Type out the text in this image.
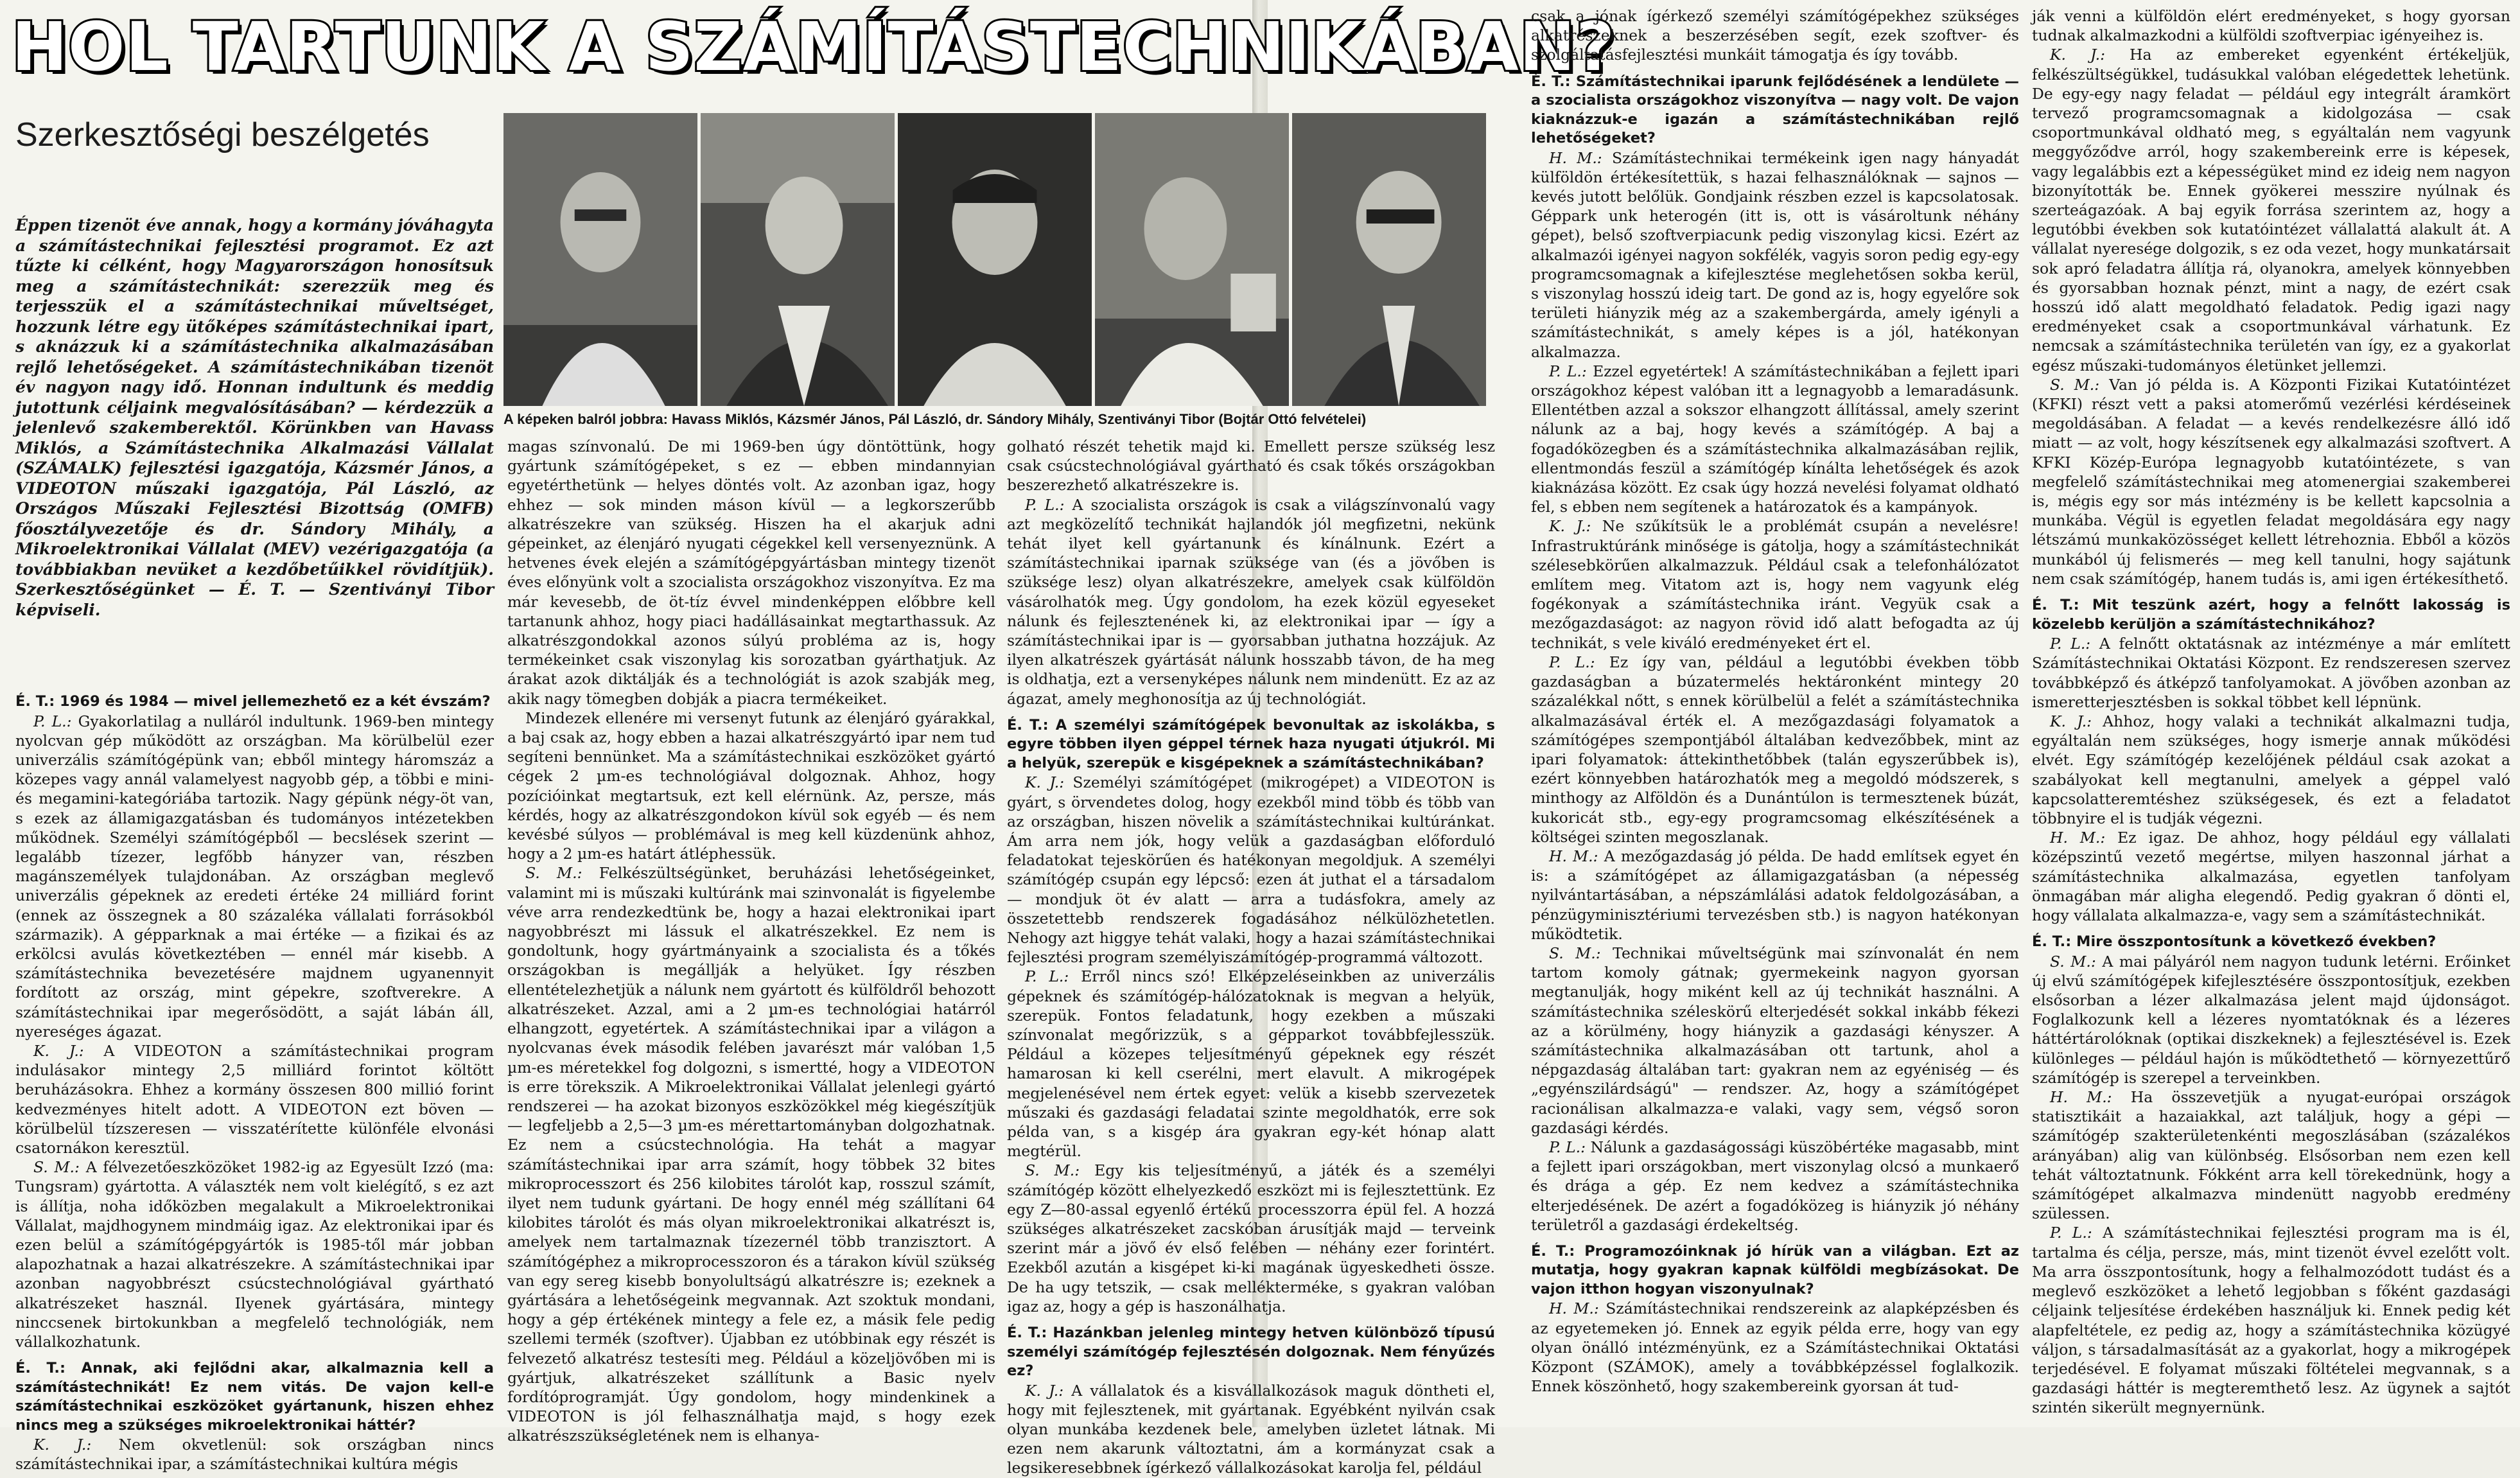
HOL TARTUNK A SZÁMÍTÁSTECHNIKÁBAN?
Szerkesztőségi beszélgetés
Éppen tizenöt éve annak, hogy a kormány jóváhagyta a számítástechnikai fejlesztési programot. Ez azt tűzte ki célként, hogy Magyarországon honosítsuk meg a számítástechnikát: szerezzük meg és terjesszük el a számítástechnikai műveltséget, hozzunk létre egy ütőképes számítástechnikai ipart, s aknázzuk ki a számítástechnika alkalmazásában rejlő lehetőségeket. A számítástechnikában tizenöt év nagyon nagy idő. Honnan indultunk és meddig jutottunk céljaink megvalósításában? — kérdezzük a jelenlevő szakemberektől. Körünkben van Havass Miklós, a Számítástechnika Alkalmazási Vállalat (SZÁMALK) fejlesztési igazgatója, Kázsmér János, a VIDEOTON műszaki igazgatója, Pál László, az Országos Műszaki Fejlesztési Bizottság (OMFB) főosztályvezetője és dr. Sándory Mihály, a Mikroelektronikai Vállalat (MEV) vezérigazgatója (a továbbiakban nevüket a kezdőbetűikkel rövidítjük). Szerkesztőségünket — É. T. — Szentiványi Tibor képviseli.
A képeken balról jobbra: Havass Miklós, Kázsmér János, Pál László, dr. Sándory Mihály, Szentiványi Tibor (Bojtár Ottó felvételei)

É. T.: 1969 és 1984 — mivel jellemezhető ez a két évszám?

P. L.: Gyakorlatilag a nulláról indultunk. 1969-ben mintegy nyolcvan gép működött az országban. Ma körülbelül ezer univerzális számítógépünk van; ebből mintegy háromszáz a közepes vagy annál valamelyest nagyobb gép, a többi e mini- és megamini-kategóriába tartozik. Nagy gépünk négy-öt van, s ezek az államigazgatásban és tudományos intézetekben működnek. Személyi számítógépből — becslések szerint — legalább tízezer, legfőbb hányzer van, részben magánszemélyek tulajdonában. Az országban meglevő univerzális gépeknek az eredeti értéke 24 milliárd forint (ennek az összegnek a 80 százaléka vállalati forrásokból származik). A gépparknak a mai értéke — a fizikai és az erkölcsi avulás következtében — ennél már kisebb. A számítástechnika bevezetésére majdnem ugyanennyit fordított az ország, mint gépekre, szoftverekre. A számítástechnikai ipar megerősödött, a saját lábán áll, nyereséges ágazat.

K. J.: A VIDEOTON a számítástechnikai program indulásakor mintegy 2,5 milliárd forintot költött beruházásokra. Ehhez a kormány összesen 800 millió forint kedvezményes hitelt adott. A VIDEOTON ezt böven — körülbelül tízszeresen — visszatérítette különféle elvonási csatornákon keresztül.

S. M.: A félvezetőeszközöket 1982-ig az Egyesült Izzó (ma: Tungsram) gyártotta. A választék nem volt kielégítő, s ez azt is állítja, noha időközben megalakult a Mikroelektronikai Vállalat, majdhogynem mindmáig igaz. Az elektronikai ipar és ezen belül a számítógépgyártók is 1985-től már jobban alapozhatnak a hazai alkatrészekre. A számítástechnikai ipar azonban nagyobbrészt csúcstechnológiával gyártható alkatrészeket használ. Ilyenek gyártására, mintegy ninccsenek birtokunkban a megfelelő technológiák, nem vállalkozhatunk.

É. T.: Annak, aki fejlődni akar, alkalmaznia kell a számítástechnikát! Ez nem vitás. De vajon kell-e számítástechnikai eszközöket gyártanunk, hiszen ehhez nincs meg a szükséges mikroelektronikai háttér?

K. J.: Nem okvetlenül: sok országban nincs számítástechnikai ipar, a számítástechnikai kultúra mégis

magas színvonalú. De mi 1969-ben úgy döntöttünk, hogy gyártunk számítógépeket, s ez — ebben mindannyian egyetérthetünk — helyes döntés volt. Az azonban igaz, hogy ehhez — sok minden máson kívül — a legkorszerűbb alkatrészekre van szükség. Hiszen ha el akarjuk adni gépeinket, az élenjáró nyugati cégekkel kell versenyeznünk. A hetvenes évek elején a számítógépgyártásban mintegy tizenöt éves előnyünk volt a szocialista országokhoz viszonyítva. Ez ma már kevesebb, de öt-tíz évvel mindenképpen előbbre kell tartanunk ahhoz, hogy piaci hadállásainkat megtarthassuk. Az alkatrészgondokkal azonos súlyú probléma az is, hogy termékeinket csak viszonylag kis sorozatban gyárthatjuk. Az árakat azok diktálják és a technológiát is azok szabják meg, akik nagy tömegben dobják a piacra termékeiket.

Mindezek ellenére mi versenyt futunk az élenjáró gyárakkal, a baj csak az, hogy ebben a hazai alkatrészgyártó ipar nem tud segíteni bennünket. Ma a számítástechnikai eszközöket gyártó cégek 2 µm-es technológiával dolgoznak. Ahhoz, hogy pozícióinkat megtartsuk, ezt kell elérnünk. Az, persze, más kérdés, hogy az alkatrészgondokon kívül sok egyéb — és nem kevésbé súlyos — problémával is meg kell küzdenünk ahhoz, hogy a 2 µm-es határt átléphessük.

S. M.: Felkészültségünket, beruházási lehetőségeinket, valamint mi is műszaki kultúránk mai szinvonalát is figyelembe véve arra rendezkedtünk be, hogy a hazai elektronikai ipart nagyobbrészt mi lássuk el alkatrészekkel. Ez nem is gondoltunk, hogy gyártmányaink a szocialista és a tőkés országokban is megállják a helyüket. Így részben ellentételezhetjük a nálunk nem gyártott és külföldről behozott alkatrészeket. Azzal, ami a 2 µm-es technológiai határról elhangzott, egyetértek. A számítástechnikai ipar a világon a nyolcvanas évek második felében javarészt már valóban 1,5 µm-es méretekkel fog dolgozni, s ismertté, hogy a VIDEOTON is erre törekszik. A Mikroelektronikai Vállalat jelenlegi gyártó rendszerei — ha azokat bizonyos eszközökkel még kiegészítjük — legfeljebb a 2,5—3 µm-es mérettartományban dolgozhatnak. Ez nem a csúcstechnológia. Ha tehát a magyar számítástechnikai ipar arra számít, hogy többek 32 bites mikroprocesszort és 256 kilobites tárolót kap, rosszul számít, ilyet nem tudunk gyártani. De hogy ennél még szállítani 64 kilobites tárolót és más olyan mikroelektronikai alkatrészt is, amelyek nem tartalmaznak tízezernél több tranzisztort. A számítógéphez a mikroprocesszoron és a tárakon kívül szükség van egy sereg kisebb bonyolultságú alkatrészre is; ezeknek a gyártására a lehetőségeink megvannak. Azt szoktuk mondani, hogy a gép értékének mintegy a fele ez, a másik fele pedig szellemi termék (szoftver). Újabban ez utóbbinak egy részét is felvezető alkatrész testesíti meg. Például a közeljövőben mi is gyártjuk, alkatrészeket szállítunk a Basic nyelv fordítóprogramját. Úgy gondolom, hogy mindenkinek a VIDEOTON is jól felhasználhatja majd, s hogy ezek alkatrészszükségletének nem is elhanya-

golható részét tehetik majd ki. Emellett persze szükség lesz csak csúcstechnológiával gyártható és csak tőkés országokban beszerezhető alkatrészekre is.

P. L.: A szocialista országok is csak a világszínvonalú vagy azt megközelítő technikát hajlandók jól megfizetni, nekünk tehát ilyet kell gyártanunk és kínálnunk. Ezért a számítástechnikai iparnak szüksége van (és a jövőben is szüksége lesz) olyan alkatrészekre, amelyek csak külföldön vásárolhatók meg. Úgy gondolom, ha ezek közül egyeseket nálunk és fejlesztenének ki, az elektronikai ipar — így a számítástechnikai ipar is — gyorsabban juthatna hozzájuk. Az ilyen alkatrészek gyártását nálunk hosszabb távon, de ha meg is oldhatja, ezt a versenyképes nálunk nem mindenütt. Ez az az ágazat, amely meghonosítja az új technológiát.

É. T.: A személyi számítógépek bevonultak az iskolákba, s egyre többen ilyen géppel térnek haza nyugati útjukról. Mi a helyük, szerepük e kisgépeknek a számítástechnikában?

K. J.: Személyi számítógépet (mikrogépet) a VIDEOTON is gyárt, s örvendetes dolog, hogy ezekből mind több és több van az országban, hiszen növelik a számítástechnikai kultúránkat. Ám arra nem jók, hogy velük a gazdaságban előforduló feladatokat tejeskörűen és hatékonyan megoldjuk. A személyi számítógép csupán egy lépcső: ezen át juthat el a társadalom — mondjuk öt év alatt — arra a tudásfokra, amely az összetettebb rendszerek fogadásához nélkülözhetetlen. Nehogy azt higgye tehát valaki, hogy a hazai számítástechnikai fejlesztési program személyiszámítógép-programmá változott.

P. L.: Erről nincs szó! Elképzeléseinkben az univerzális gépeknek és számítógép-hálózatoknak is megvan a helyük, szerepük. Fontos feladatunk, hogy ezekben a műszaki színvonalat megőrizzük, s a gépparkot továbbfejlesszük. Például a közepes teljesítményű gépeknek egy részét hamarosan ki kell cserélni, mert elavult. A mikrogépek megjelenésével nem értek egyet: velük a kisebb szervezetek műszaki és gazdasági feladatai szinte megoldhatók, erre sok példa van, s a kisgép ára gyakran egy-két hónap alatt megtérül.

S. M.: Egy kis teljesítményű, a játék és a személyi számítógép között elhelyezkedő eszközt mi is fejlesztettünk. Ez egy Z—80-assal egyenlő értékű processzorra épül fel. A hozzá szükséges alkatrészeket zacskóban árusítják majd — terveink szerint már a jövő év első felében — néhány ezer forintért. Ezekből azután a kisgépet ki-ki magának ügyeskedheti össze. De ha ugy tetszik, — csak mellékterméke, s gyakran valóban igaz az, hogy a gép is haszonálhatja.

É. T.: Hazánkban jelenleg mintegy hetven különböző típusú személyi számítógép fejlesztésén dolgoznak. Nem fényűzés ez?

K. J.: A vállalatok és a kisvállalkozások maguk döntheti el, hogy mit fejlesztenek, mit gyártanak. Egyébként nyilván csak olyan munkába kezdenek bele, amelyben üzletet látnak. Mi ezen nem akarunk változtatni, ám a kormányzat csak a legsikeresebbnek ígérkező vállalkozásokat karolja fel, például

csak a jónak ígérkező személyi számítógépekhez szükséges alkatrészeknek a beszerzésében segít, ezek szoftver- és szolgáltatásfejlesztési munkáit támogatja és így tovább.

É. T.: Számítástechnikai iparunk fejlődésének a lendülete — a szocialista országokhoz viszonyítva — nagy volt. De vajon kiaknázzuk-e igazán a számítástechnikában rejlő lehetőségeket?

H. M.: Számítástechnikai termékeink igen nagy hányadát külföldön értékesítettük, s hazai felhasználóknak — sajnos — kevés jutott belőlük. Gondjaink részben ezzel is kapcsolatosak. Géppark unk heterogén (itt is, ott is vásároltunk néhány gépet), belső szoftverpiacunk pedig viszonylag kicsi. Ezért az alkalmazói igényei nagyon sokfélék, vagyis soron pedig egy-egy programcsomagnak a kifejlesztése meglehetősen sokba kerül, s viszonylag hosszú ideig tart. De gond az is, hogy egyelőre sok területi hiányzik még az a szakembergárda, amely igényli a számítástechnikát, s amely képes is a jól, hatékonyan alkalmazza.

P. L.: Ezzel egyetértek! A számítástechnikában a fejlett ipari országokhoz képest valóban itt a legnagyobb a lemaradásunk. Ellentétben azzal a sokszor elhangzott állítással, amely szerint nálunk az a baj, hogy kevés a számítógép. A baj a fogadóközegben és a számítástechnika alkalmazásában rejlik, ellentmondás feszül a számítógép kínálta lehetőségek és azok kiaknázása között. Ez csak úgy hozzá nevelési folyamat oldható fel, s ebben nem segítenek a határozatok és a kampányok.

K. J.: Ne szűkítsük le a problémát csupán a nevelésre! Infrastruktúránk minősége is gátolja, hogy a számítástechnikát szélesebkörűen alkalmazzuk. Például csak a telefonhálózatot említem meg. Vitatom azt is, hogy nem vagyunk elég fogékonyak a számítástechnika iránt. Vegyük csak a mezőgazdaságot: az nagyon rövid idő alatt befogadta az új technikát, s vele kiváló eredményeket ért el.

P. L.: Ez így van, például a legutóbbi években több gazdaságban a búzatermelés hektáronként mintegy 20 százalékkal nőtt, s ennek körülbelül a felét a számítástechnika alkalmazásával érték el. A mezőgazdasági folyamatok a számítógépes szempontjából általában kedvezőbbek, mint az ipari folyamatok: áttekinthetőbbek (talán egyszerűbbek is), ezért könnyebben határozhatók meg a megoldó módszerek, s minthogy az Alföldön és a Dunántúlon is termesztenek búzát, kukoricát stb., egy-egy programcsomag elkészítésének a költségei szinten megoszlanak.

H. M.: A mezőgazdaság jó példa. De hadd említsek egyet én is: a számítógépet az államigazgatásban (a népesség nyilvántartásában, a népszámlálási adatok feldolgozásában, a pénzügyminisztériumi tervezésben stb.) is nagyon hatékonyan működtetik.

S. M.: Technikai műveltségünk mai színvonalát én nem tartom komoly gátnak; gyermekeink nagyon gyorsan megtanulják, hogy miként kell az új technikát használni. A számítástechnika széleskörű elterjedését sokkal inkább fékezi az a körülmény, hogy hiányzik a gazdasági kényszer. A számítástechnika alkalmazásában ott tartunk, ahol a népgazdaság általában tart: gyakran nem az egyéniség — és „egyénszilárdságú" — rendszer. Az, hogy a számítógépet racionálisan alkalmazza-e valaki, vagy sem, végső soron gazdasági kérdés.

P. L.: Nálunk a gazdaságossági küszöbértéke magasabb, mint a fejlett ipari országokban, mert viszonylag olcsó a munkaerő és drága a gép. Ez nem kedvez a számítástechnika elterjedésének. De azért a fogadóközeg is hiányzik jó néhány területről a gazdasági érdekeltség.

É. T.: Programozóinknak jó hírük van a világban. Ezt az mutatja, hogy gyakran kapnak külföldi megbízásokat. De vajon itthon hogyan viszonyulnak?

H. M.: Számítástechnikai rendszereink az alapképzésben és az egyetemeken jó. Ennek az egyik példa erre, hogy van egy olyan önálló intézményünk, ez a Számítástechnikai Oktatási Központ (SZÁMOK), amely a továbbképzéssel foglalkozik. Ennek köszönhető, hogy szakembereink gyorsan át tud-

ják venni a külföldön elért eredményeket, s hogy gyorsan tudnak alkalmazkodni a külföldi szoftverpiac igényeihez is.

K. J.: Ha az embereket egyenként értékeljük, felkészültségükkel, tudásukkal valóban elégedettek lehetünk. De egy-egy nagy feladat — például egy integrált áramkört tervező programcsomagnak a kidolgozása — csak csoportmunkával oldható meg, s egyáltalán nem vagyunk meggyőződve arról, hogy szakembereink erre is képesek, vagy legalábbis ezt a képességüket mind ez ideig nem nagyon bizonyították be. Ennek gyökerei messzire nyúlnak és szerteágazóak. A baj egyik forrása szerintem az, hogy a legutóbbi években sok kutatóintézet vállalattá alakult át. A vállalat nyeresége dolgozik, s ez oda vezet, hogy munkatársait sok apró feladatra állítja rá, olyanokra, amelyek könnyebben és gyorsabban hoznak pénzt, mint a nagy, de ezért csak hosszú idő alatt megoldható feladatok. Pedig igazi nagy eredményeket csak a csoportmunkával várhatunk. Ez nemcsak a számítástechnika területén van így, ez a gyakorlat egész műszaki-tudományos életünket jellemzi.

S. M.: Van jó példa is. A Központi Fizikai Kutatóintézet (KFKI) részt vett a paksi atomerőmű vezérlési kérdéseinek megoldásában. A feladat — a kevés rendelkezésre álló idő miatt — az volt, hogy készítsenek egy alkalmazási szoftvert. A KFKI Közép-Európa legnagyobb kutatóintézete, s van megfelelő számítástechnikai meg atomenergiai szakemberei is, mégis egy sor más intézmény is be kellett kapcsolnia a munkába. Végül is egyetlen feladat megoldására egy nagy létszámú munkaközösséget kellett létrehoznia. Ebből a közös munkából új felismerés — meg kell tanulni, hogy sajátunk nem csak számítógép, hanem tudás is, ami igen értékesíthető.

É. T.: Mit teszünk azért, hogy a felnőtt lakosság is közelebb kerüljön a számítástechnikához?

P. L.: A felnőtt oktatásnak az intézménye a már említett Számítástechnikai Oktatási Központ. Ez rendszeresen szervez továbbképző és átképző tanfolyamokat. A jövőben azonban az ismeretterjesztésben is sokkal többet kell lépnünk.

K. J.: Ahhoz, hogy valaki a technikát alkalmazni tudja, egyáltalán nem szükséges, hogy ismerje annak működési elvét. Egy számítógép kezelőjének például csak azokat a szabályokat kell megtanulni, amelyek a géppel való kapcsolatteremtéshez szükségesek, és ezt a feladatot többnyire el is tudják végezni.

H. M.: Ez igaz. De ahhoz, hogy például egy vállalati középszintű vezető megértse, milyen haszonnal járhat a számítástechnika alkalmazása, egyetlen tanfolyam önmagában már aligha elegendő. Pedig gyakran ő dönti el, hogy vállalata alkalmazza-e, vagy sem a számítástechnikát.

É. T.: Mire összpontosítunk a következő években?

S. M.: A mai pályáról nem nagyon tudunk letérni. Erőinket új elvű számítógépek kifejlesztésére összpontosítjuk, ezekben elsősorban a lézer alkalmazása jelent majd újdonságot. Foglalkozunk kell a lézeres nyomtatóknak és a lézeres háttértárolóknak (optikai diszkeknek) a fejlesztésével is. Ezek különleges — például hajón is működtethető — környezettűrő számítógép is szerepel a terveinkben.

H. M.: Ha összevetjük a nyugat-európai országok statisztikáit a hazaiakkal, azt találjuk, hogy a gépi — számítógép szakterületenkénti megoszlásában (százalékos arányában) alig van különbség. Elsősorban nem ezen kell tehát változtatnunk. Fókként arra kell törekednünk, hogy a számítógépet alkalmazva mindenütt nagyobb eredmény szülessen.

P. L.: A számítástechnikai fejlesztési program ma is él, tartalma és célja, persze, más, mint tizenöt évvel ezelőtt volt. Ma arra összpontosítunk, hogy a felhalmozódott tudást és a meglevő eszközöket a lehető legjobban s főként gazdasági céljaink teljesítése érdekében használjuk ki. Ennek pedig két alapfeltétele, ez pedig az, hogy a számítástechnika közügyé váljon, s társadalmasítását az a gyakorlat, hogy a mikrogépek terjedésével. E folyamat műszaki föltételei megvannak, s a gazdasági háttér is megteremthető lesz. Az ügynek a sajtót szintén sikerült megnyernünk.
